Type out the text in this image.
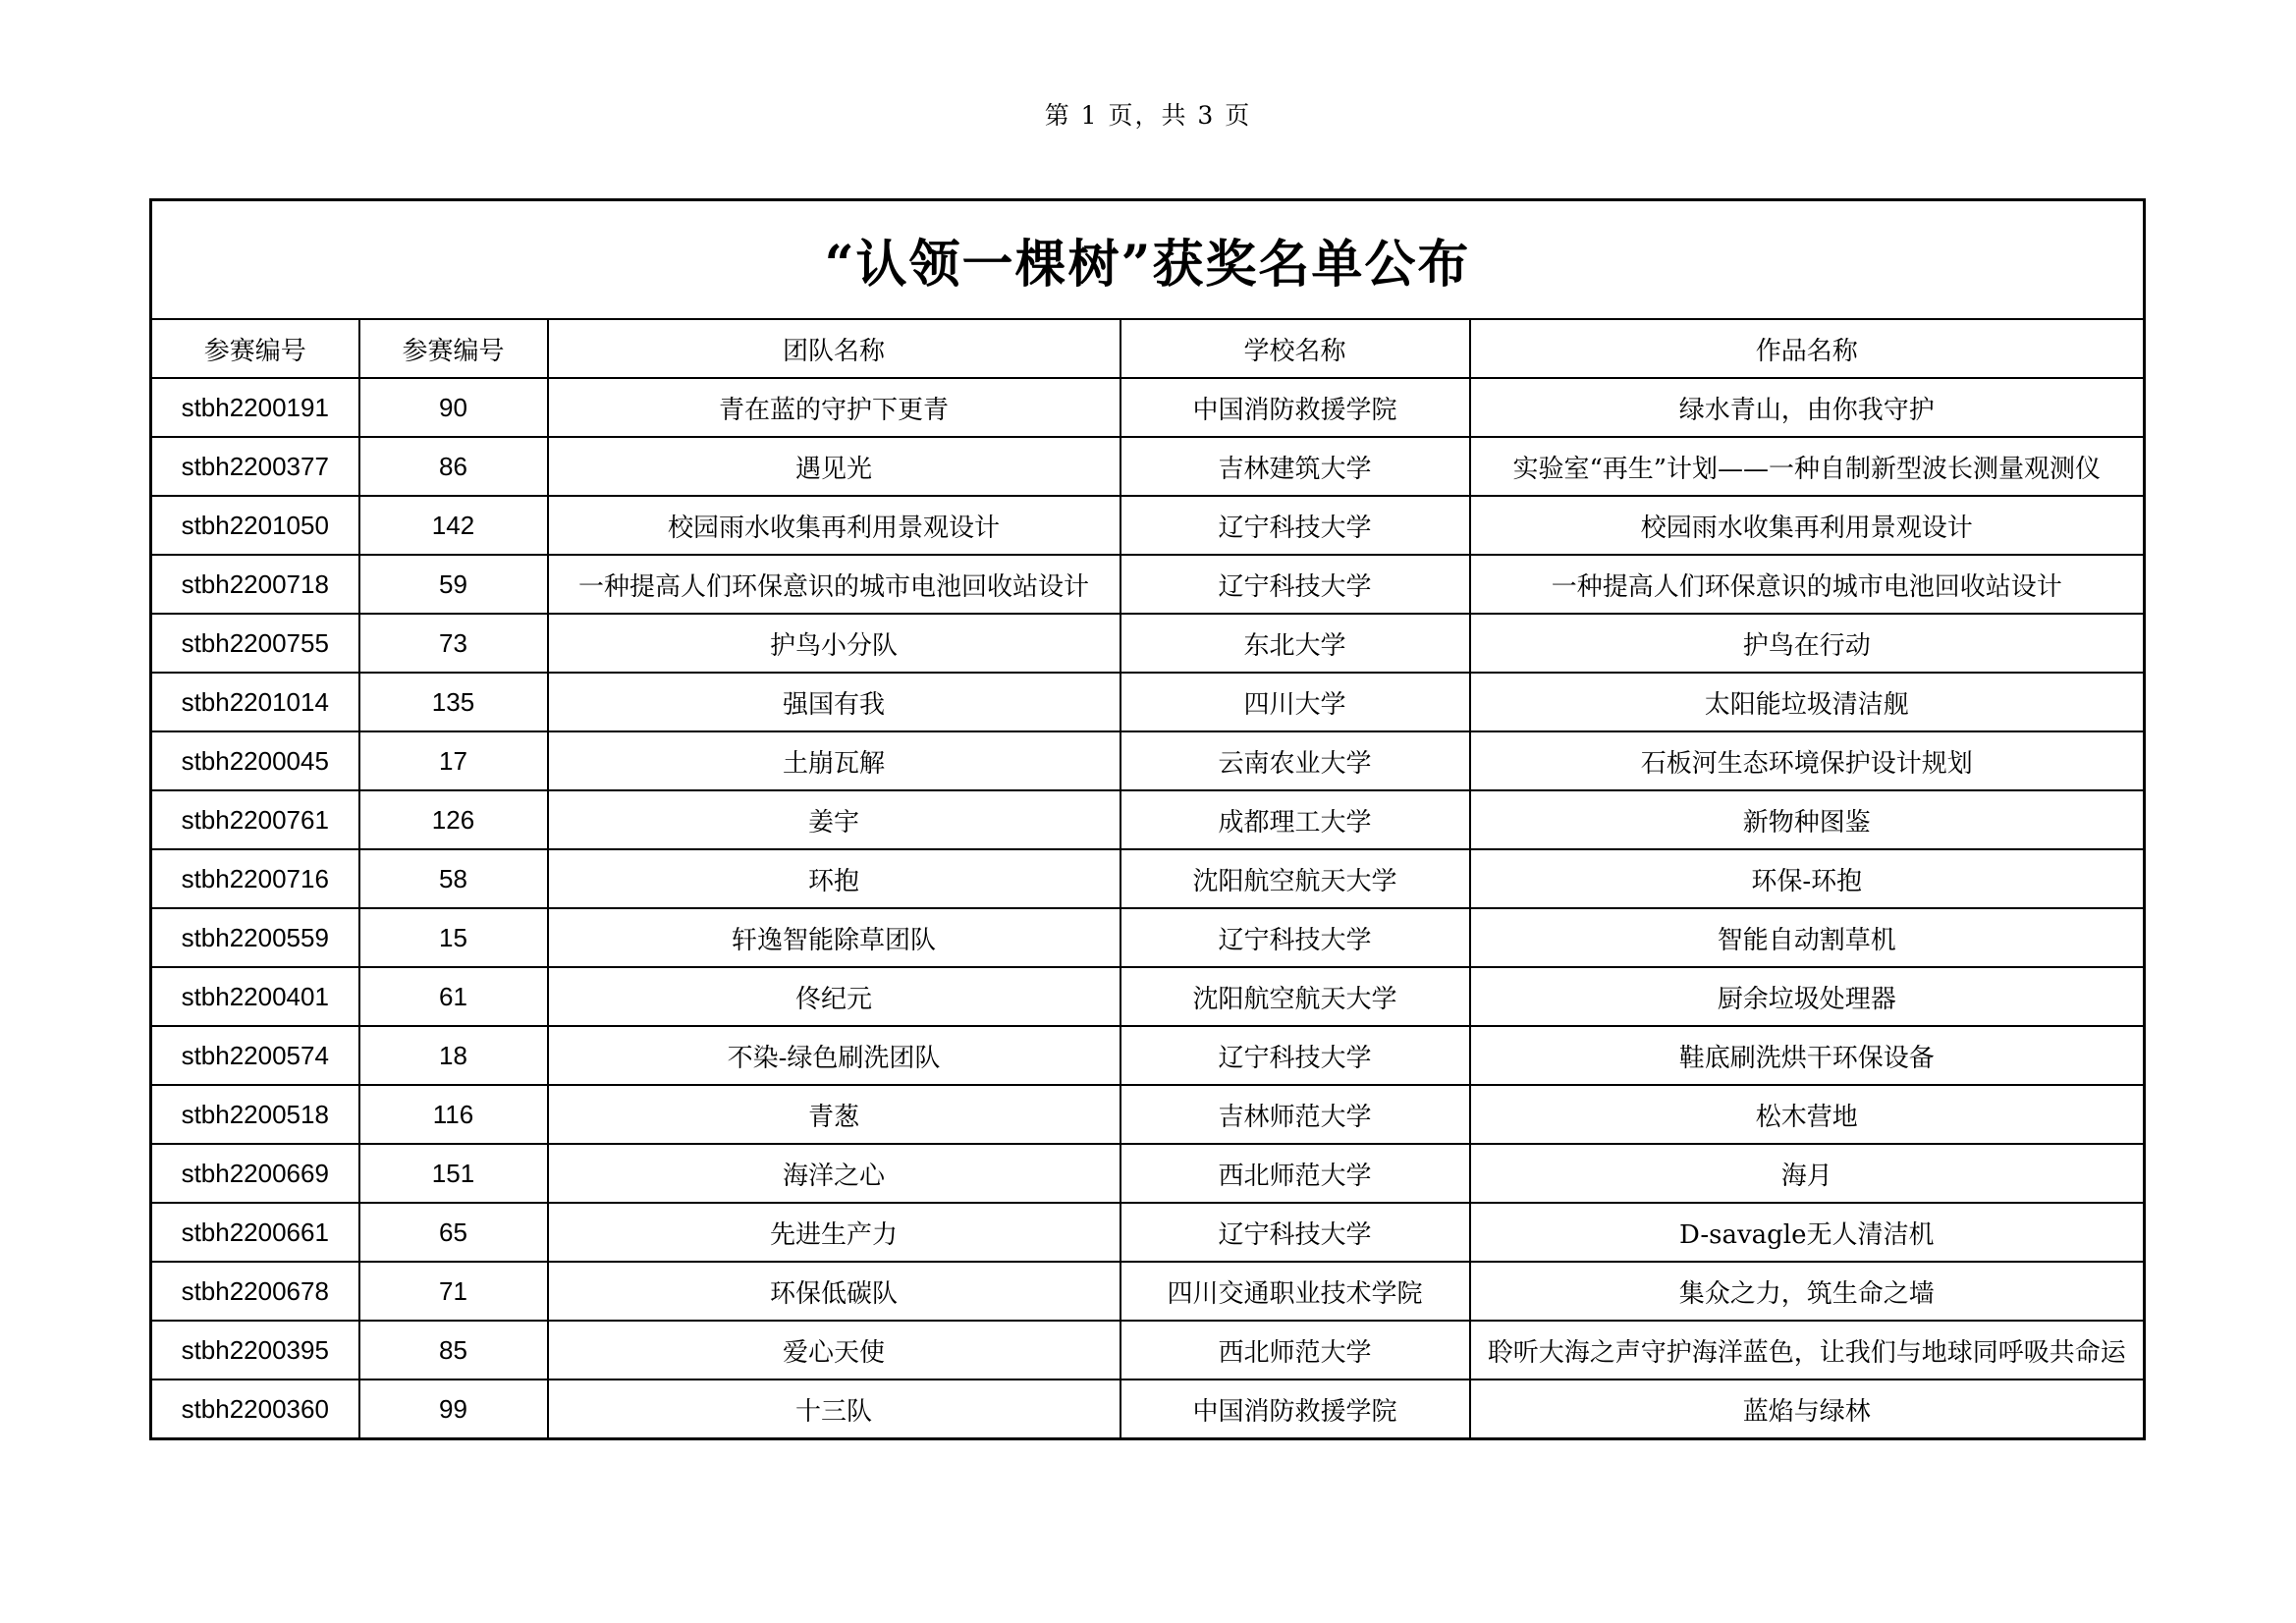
第 1 页，共 3 页
“认领一棵树”获奖名单公布				
参赛编号	参赛编号	团队名称	学校名称	作品名称
stbh2200191	90	青在蓝的守护下更青	中国消防救援学院	绿水青山，由你我守护
stbh2200377	86	遇见光	吉林建筑大学	实验室“再生”计划——一种自制新型波长测量观测仪
stbh2201050	142	校园雨水收集再利用景观设计	辽宁科技大学	校园雨水收集再利用景观设计
stbh2200718	59	一种提高人们环保意识的城市电池回收站设计	辽宁科技大学	一种提高人们环保意识的城市电池回收站设计
stbh2200755	73	护鸟小分队	东北大学	护鸟在行动
stbh2201014	135	强国有我	四川大学	太阳能垃圾清洁舰
stbh2200045	17	土崩瓦解	云南农业大学	石板河生态环境保护设计规划
stbh2200761	126	姜宇	成都理工大学	新物种图鉴
stbh2200716	58	环抱	沈阳航空航天大学	环保-环抱
stbh2200559	15	轩逸智能除草团队	辽宁科技大学	智能自动割草机
stbh2200401	61	佟纪元	沈阳航空航天大学	厨余垃圾处理器
stbh2200574	18	不染-绿色刷洗团队	辽宁科技大学	鞋底刷洗烘干环保设备
stbh2200518	116	青葱	吉林师范大学	松木营地
stbh2200669	151	海洋之心	西北师范大学	海月
stbh2200661	65	先进生产力	辽宁科技大学	D-savagle无人清洁机
stbh2200678	71	环保低碳队	四川交通职业技术学院	集众之力，筑生命之墙
stbh2200395	85	爱心天使	西北师范大学	聆听大海之声守护海洋蓝色，让我们与地球同呼吸共命运
stbh2200360	99	十三队	中国消防救援学院	蓝焰与绿林
